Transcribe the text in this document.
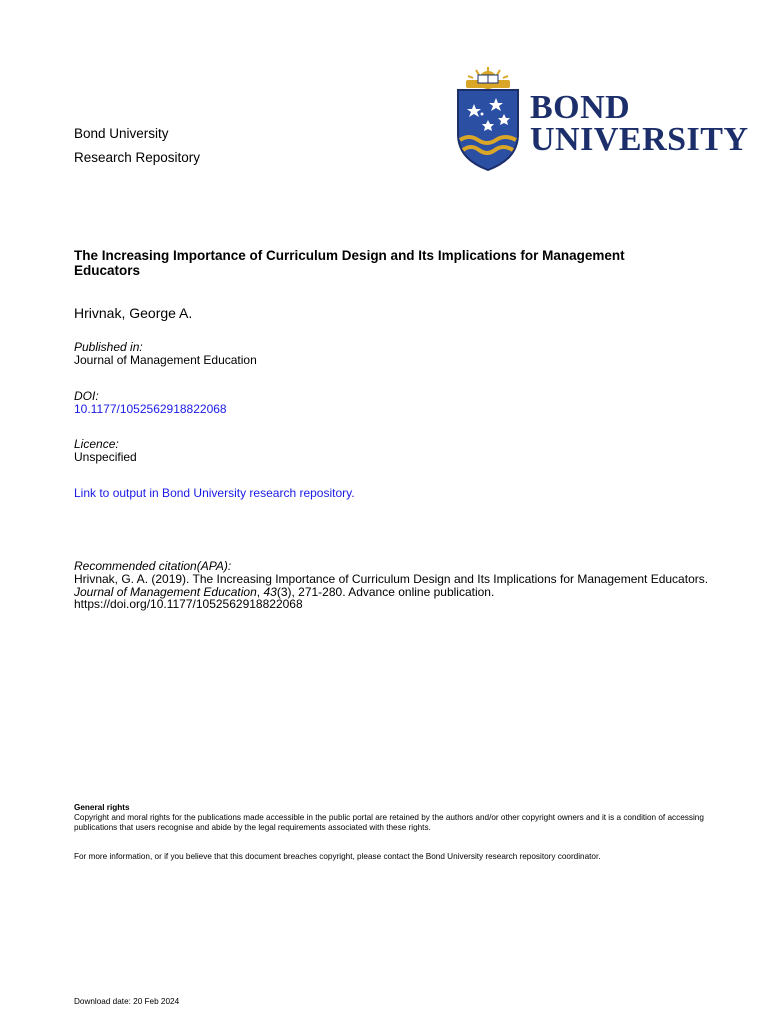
Bond University
Research Repository
BOND
UNIVERSITY
The Increasing Importance of Curriculum Design and Its Implications for Management Educators
Hrivnak, George A.
Published in:
Journal of Management Education
DOI:
10.1177/1052562918822068
Licence:
Unspecified
Link to output in Bond University research repository.
Recommended citation(APA):
Hrivnak, G. A. (2019). The Increasing Importance of Curriculum Design and Its Implications for Management Educators. Journal of Management Education, 43(3), 271-280. Advance online publication. https://doi.org/10.1177/1052562918822068
General rights
Copyright and moral rights for the publications made accessible in the public portal are retained by the authors and/or other copyright owners and it is a condition of accessing publications that users recognise and abide by the legal requirements associated with these rights.
For more information, or if you believe that this document breaches copyright, please contact the Bond University research repository coordinator.
Download date: 20 Feb 2024
